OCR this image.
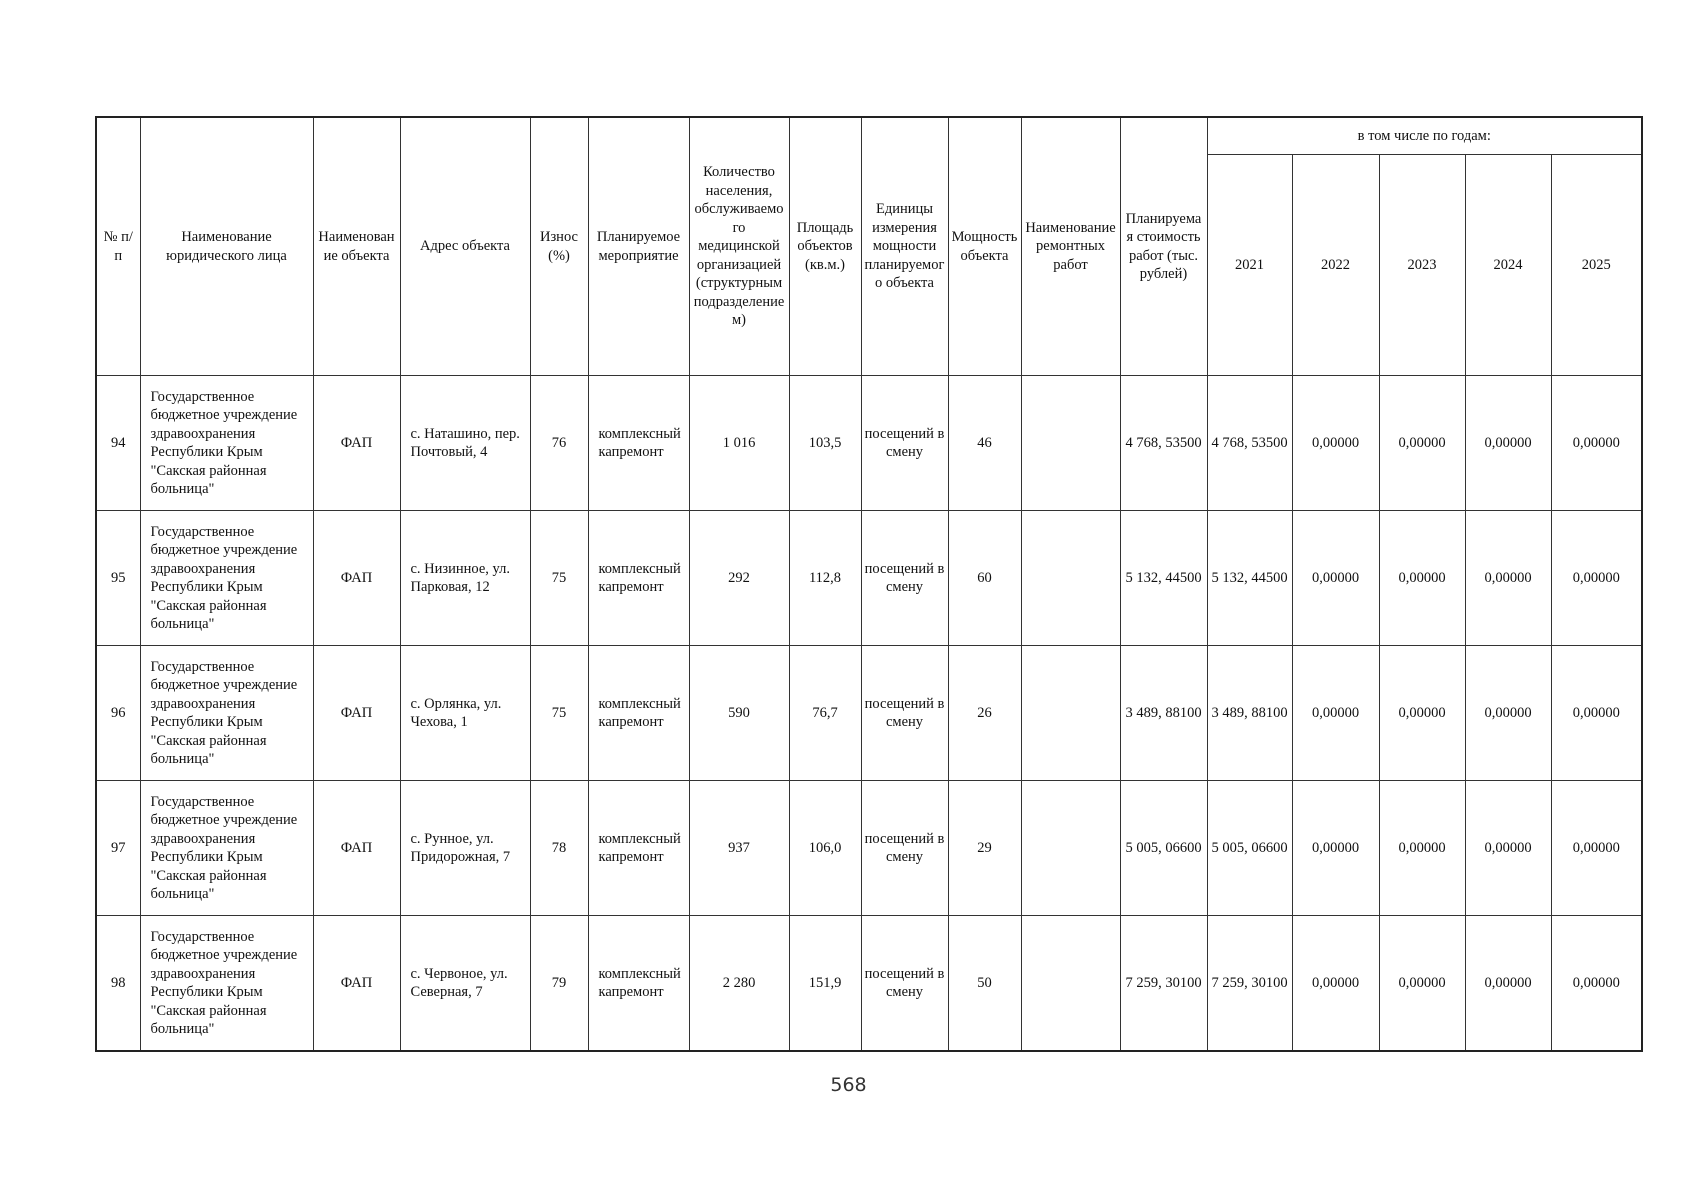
№ п/п	Наименование юридического лица	Наименование объекта	Адрес объекта	Износ (%)	Планируемое мероприятие	Количество населения, обслуживаемого медицинской организацией (структурным подразделением)	Площадь объектов (кв.м.)	Единицы измерения мощности планируемого объекта	Мощность объекта	Наименование ремонтных работ	Планируемая стоимость работ (тыс. рублей)	в том числе по годам:				
												2021	2022	2023	2024	2025
94	Государственное бюджетное учреждение здравоохранения Республики Крым "Сакская районная больница"	ФАП	с. Наташино, пер. Почтовый, 4	76	комплексный капремонт	1 016	103,5	посещений в смену	46		4 768, 53500	4 768, 53500	0,00000	0,00000	0,00000	0,00000
95	Государственное бюджетное учреждение здравоохранения Республики Крым "Сакская районная больница"	ФАП	с. Низинное, ул. Парковая, 12	75	комплексный капремонт	292	112,8	посещений в смену	60		5 132, 44500	5 132, 44500	0,00000	0,00000	0,00000	0,00000
96	Государственное бюджетное учреждение здравоохранения Республики Крым "Сакская районная больница"	ФАП	с. Орлянка, ул. Чехова, 1	75	комплексный капремонт	590	76,7	посещений в смену	26		3 489, 88100	3 489, 88100	0,00000	0,00000	0,00000	0,00000
97	Государственное бюджетное учреждение здравоохранения Республики Крым "Сакская районная больница"	ФАП	с. Рунное, ул. Придорожная, 7	78	комплексный капремонт	937	106,0	посещений в смену	29		5 005, 06600	5 005, 06600	0,00000	0,00000	0,00000	0,00000
98	Государственное бюджетное учреждение здравоохранения Республики Крым "Сакская районная больница"	ФАП	с. Червоное, ул. Северная, 7	79	комплексный капремонт	2 280	151,9	посещений в смену	50		7 259, 30100	7 259, 30100	0,00000	0,00000	0,00000	0,00000
568
